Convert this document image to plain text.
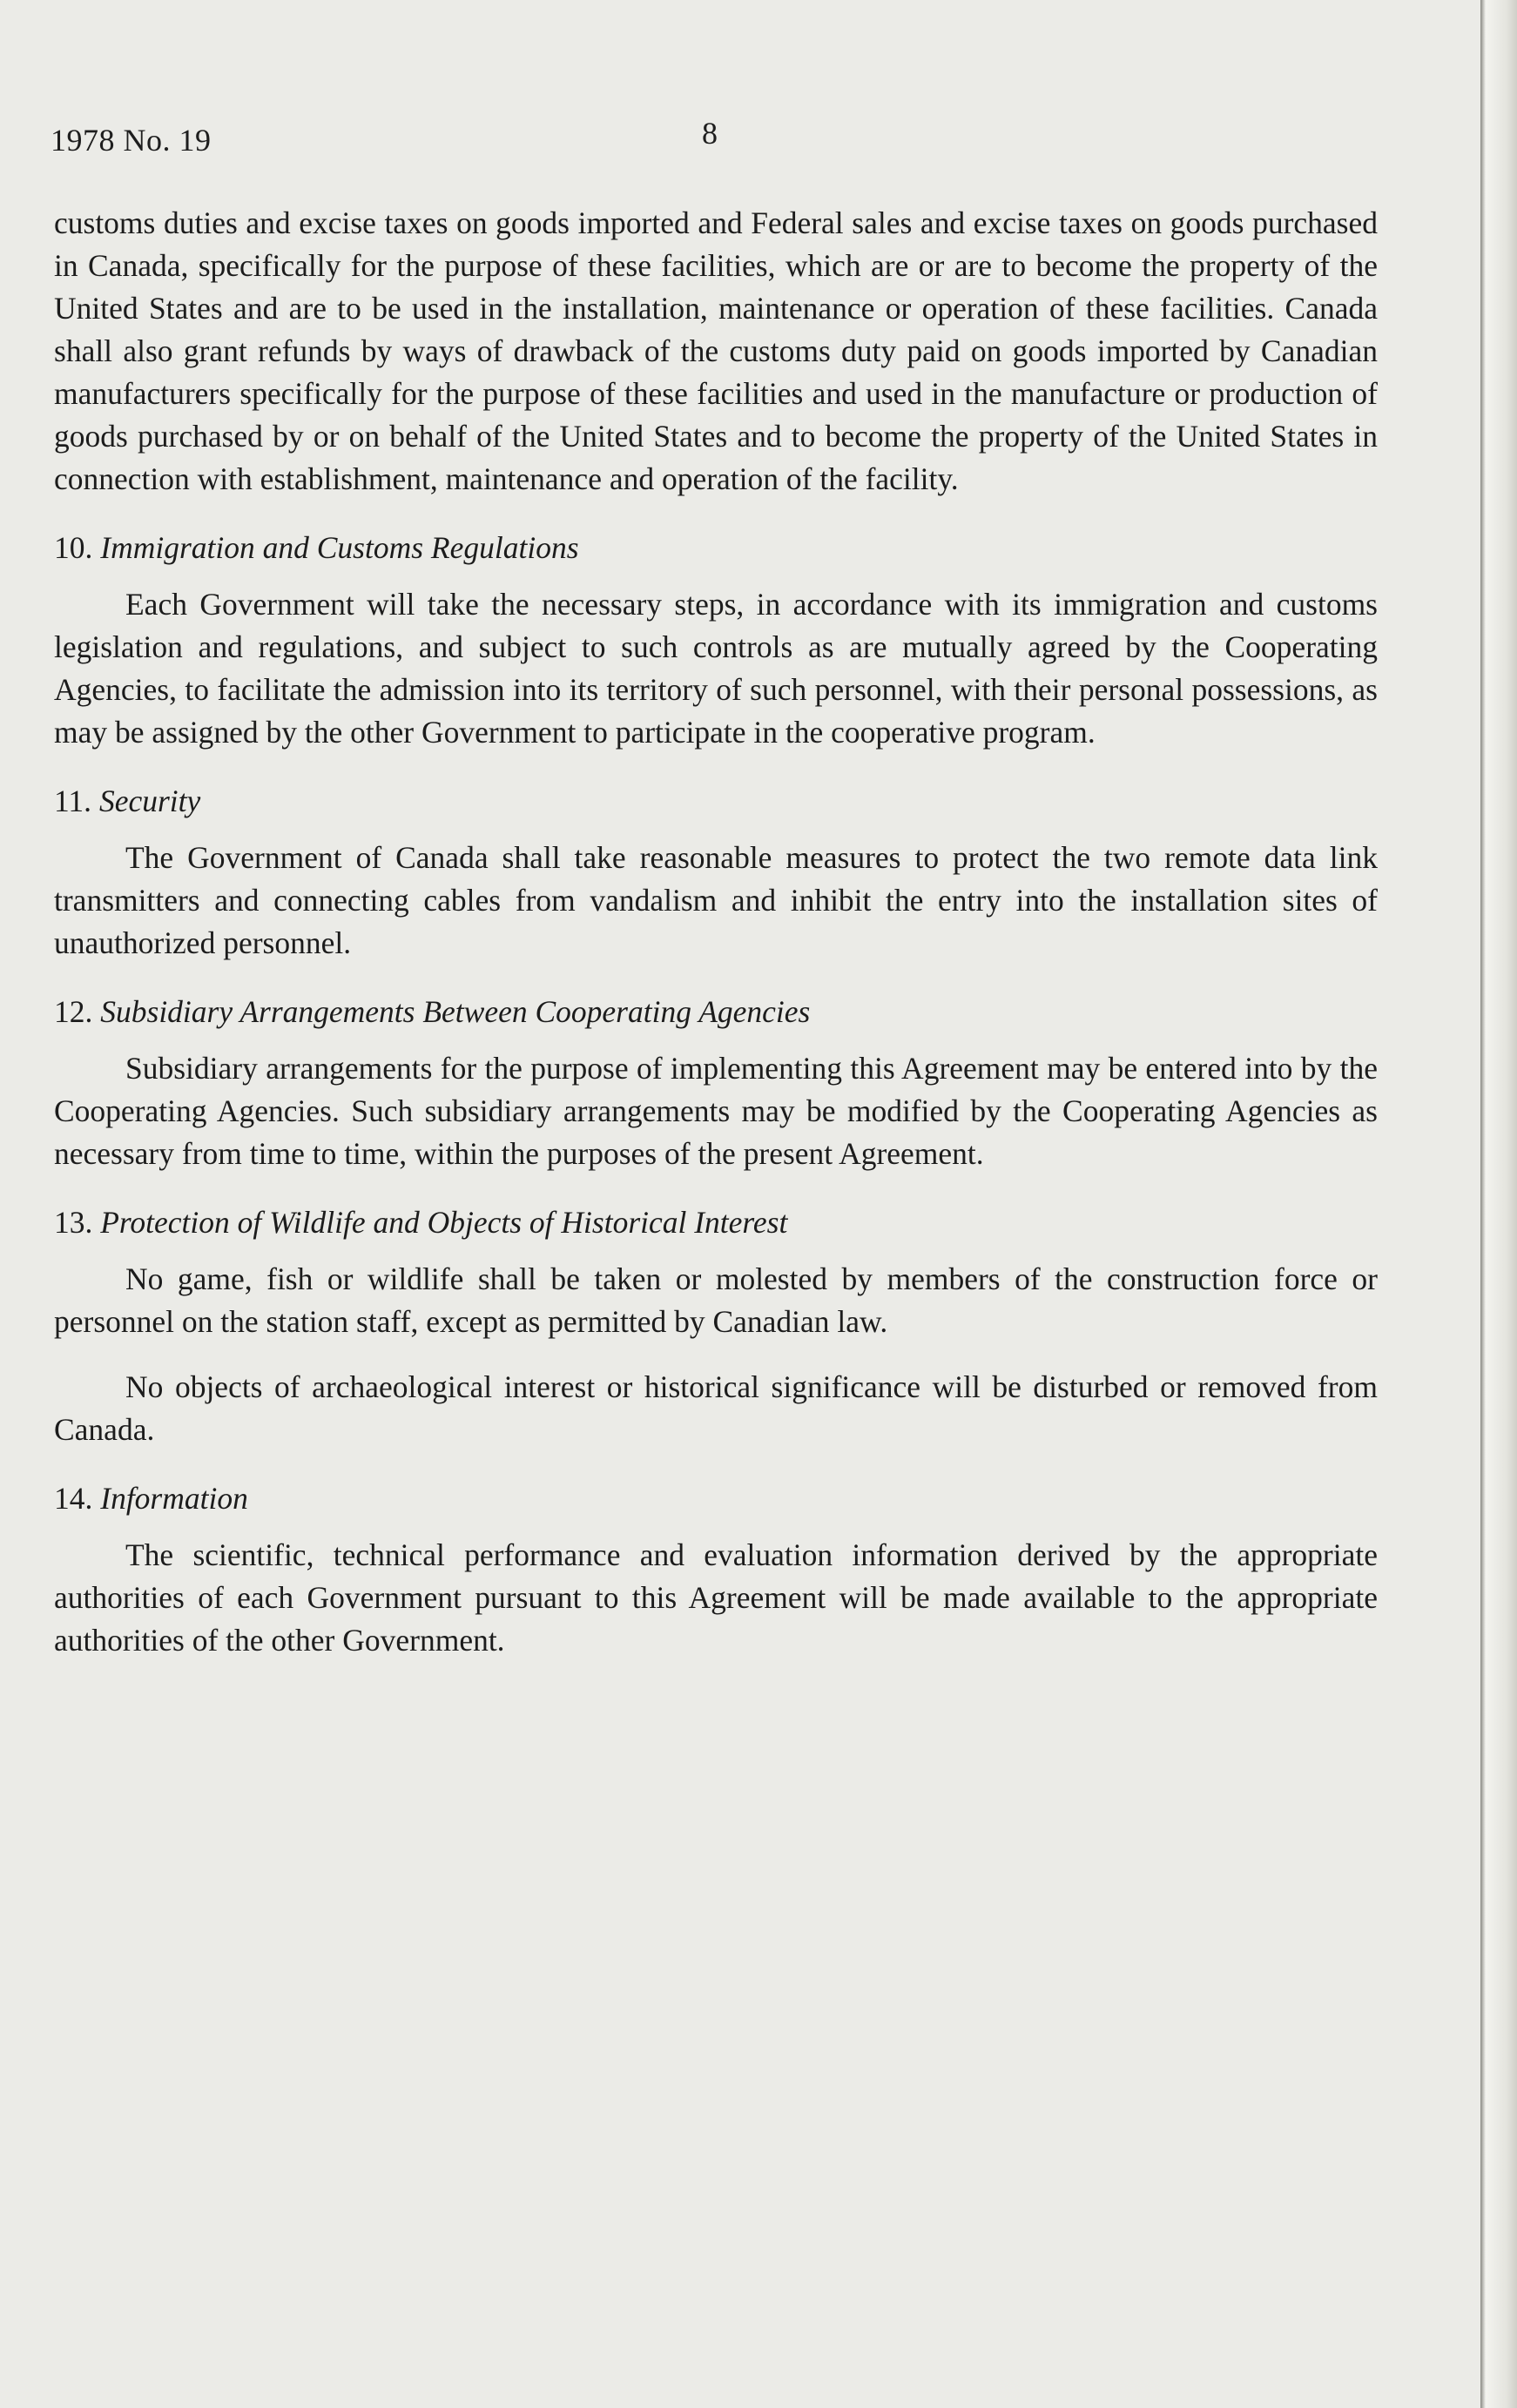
1978 No. 19	8

customs duties and excise taxes on goods imported and Federal sales and excise taxes on goods purchased in Canada, specifically for the purpose of these facilities, which are or are to become the property of the United States and are to be used in the installation, maintenance or operation of these facilities. Canada shall also grant refunds by ways of drawback of the customs duty paid on goods imported by Canadian manufacturers specifically for the purpose of these facilities and used in the manufacture or production of goods purchased by or on behalf of the United States and to become the property of the United States in connection with establishment, maintenance and operation of the facility.

10. Immigration and Customs Regulations

Each Government will take the necessary steps, in accordance with its immigration and customs legislation and regulations, and subject to such controls as are mutually agreed by the Cooperating Agencies, to facilitate the admission into its territory of such personnel, with their personal possessions, as may be assigned by the other Government to participate in the cooperative program.

11. Security

The Government of Canada shall take reasonable measures to protect the two remote data link transmitters and connecting cables from vandalism and inhibit the entry into the installation sites of unauthorized personnel.

12. Subsidiary Arrangements Between Cooperating Agencies

Subsidiary arrangements for the purpose of implementing this Agreement may be entered into by the Cooperating Agencies. Such subsidiary arrangements may be modified by the Cooperating Agencies as necessary from time to time, within the purposes of the present Agreement.

13. Protection of Wildlife and Objects of Historical Interest

No game, fish or wildlife shall be taken or molested by members of the construction force or personnel on the station staff, except as permitted by Canadian law.

No objects of archaeological interest or historical significance will be disturbed or removed from Canada.

14. Information

The scientific, technical performance and evaluation information derived by the appropriate authorities of each Government pursuant to this Agreement will be made available to the appropriate authorities of the other Government.
